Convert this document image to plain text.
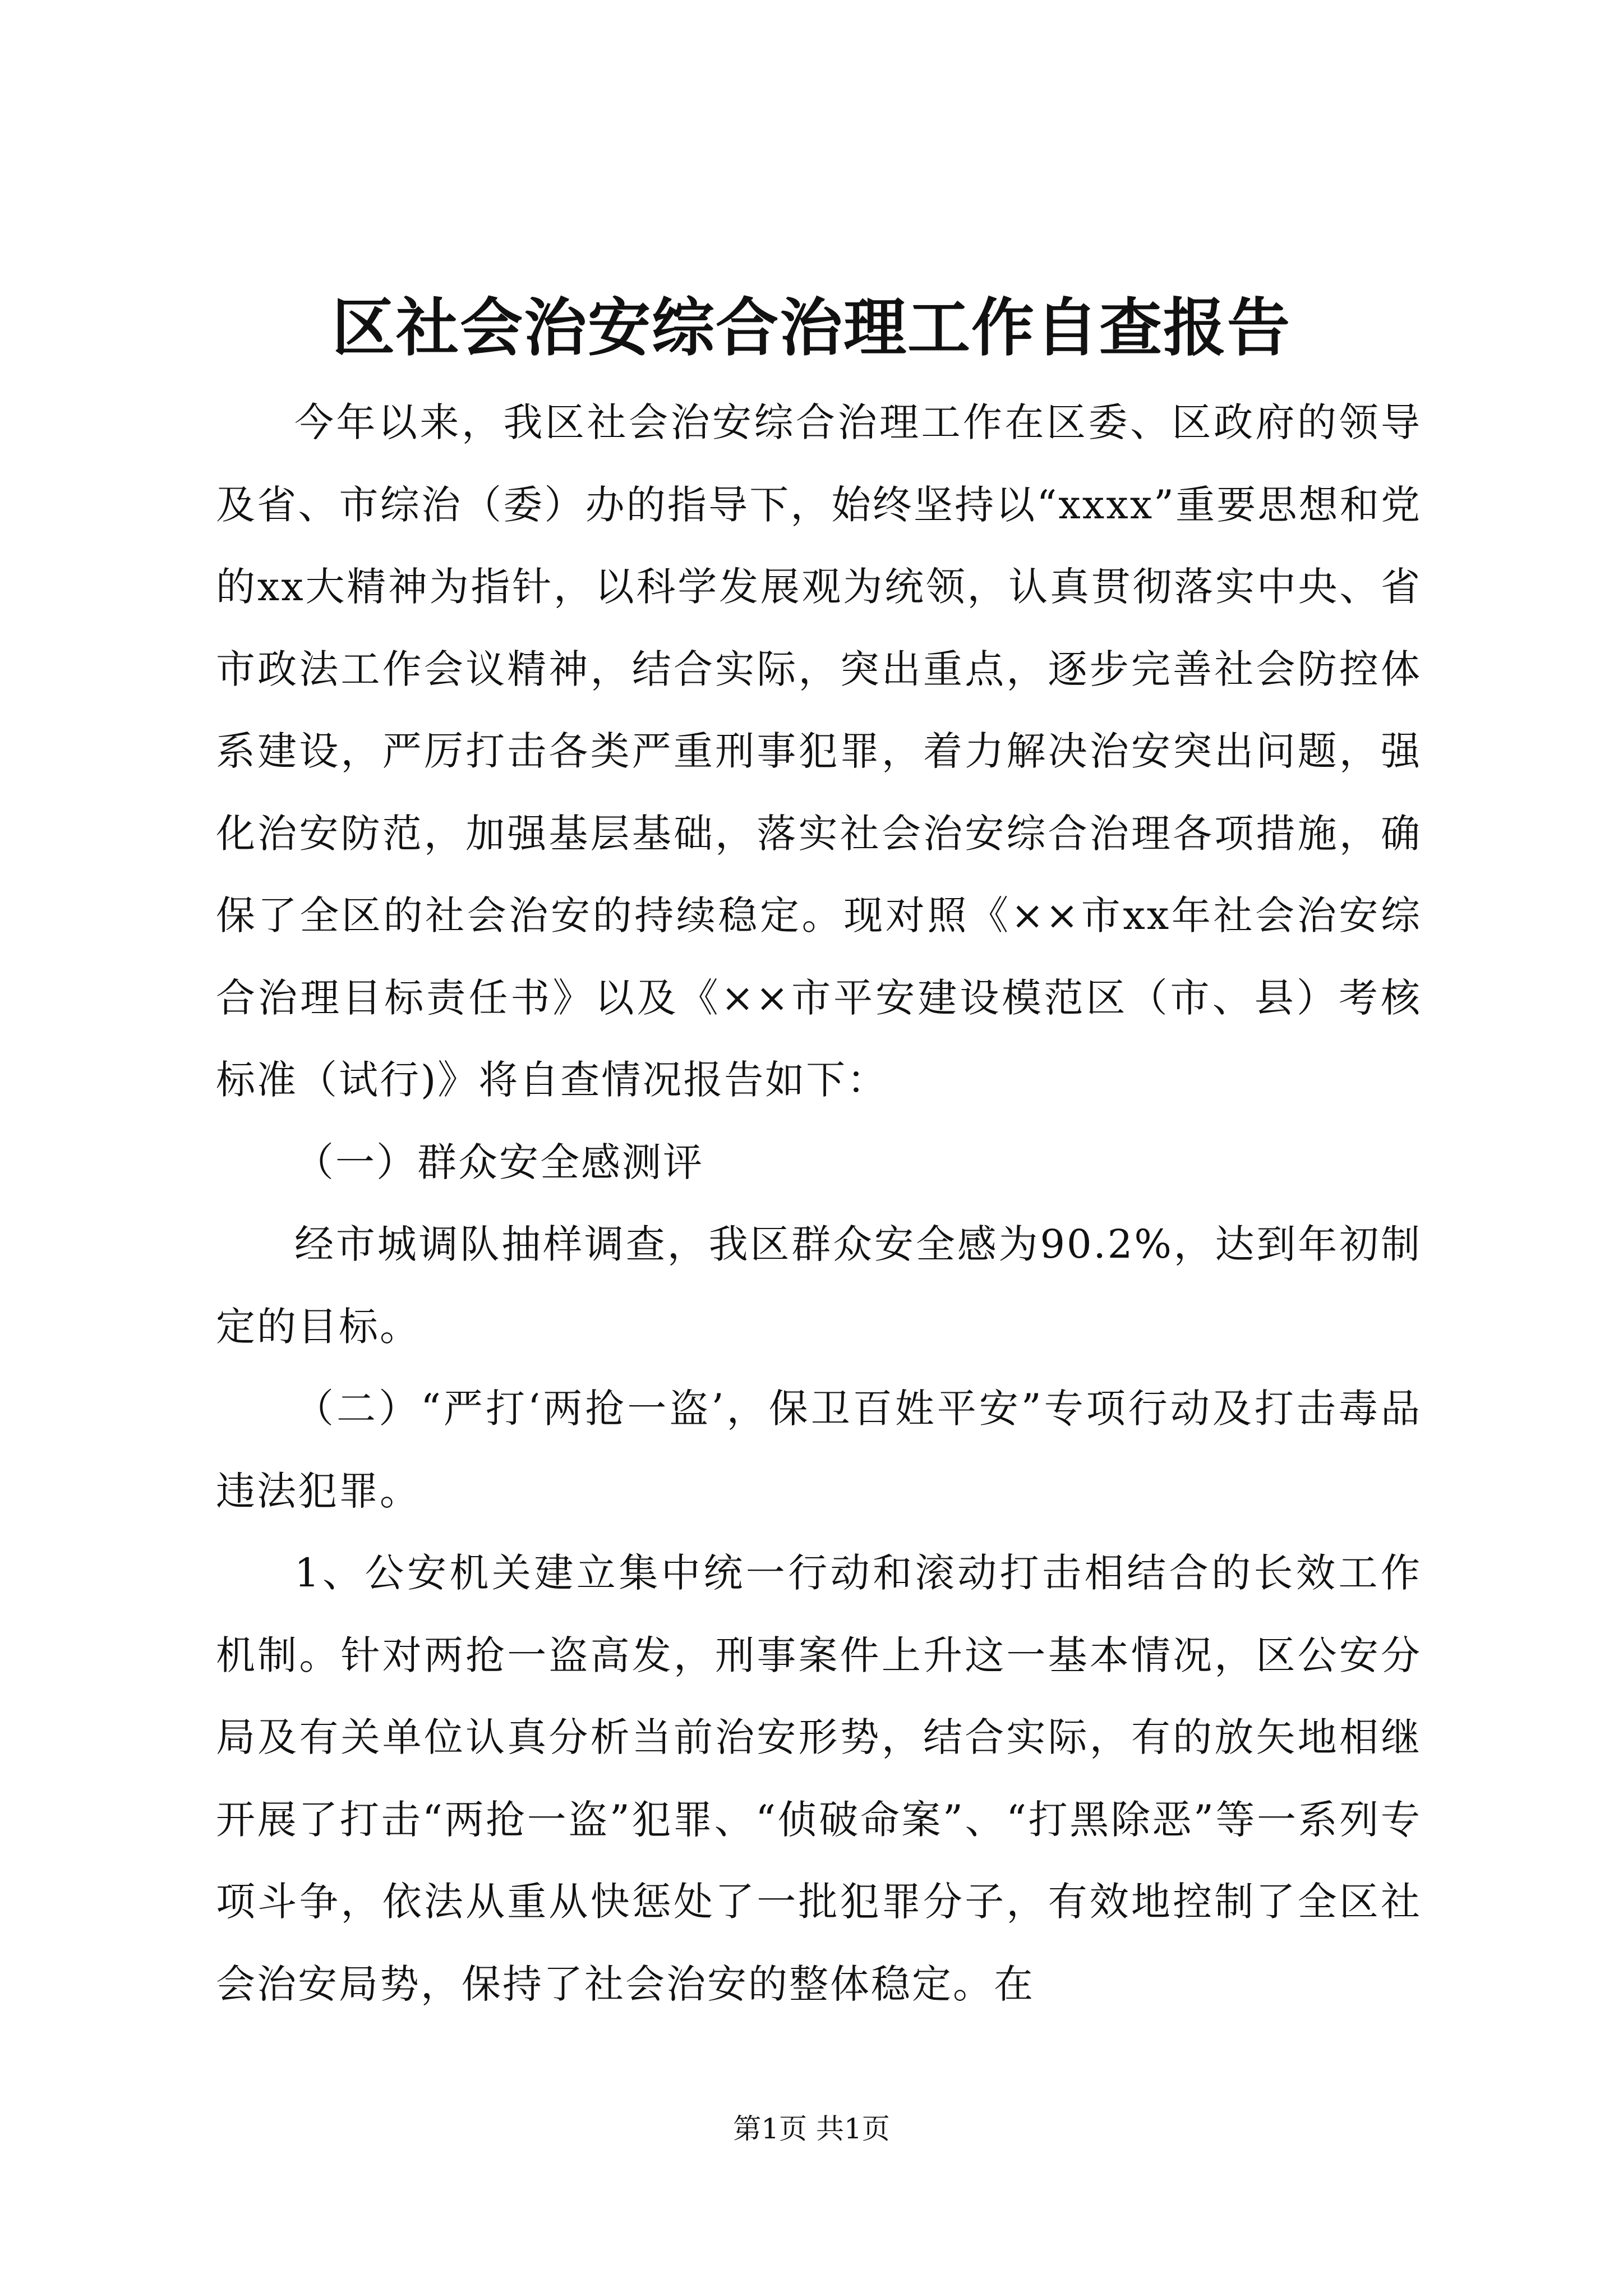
区社会治安综合治理工作自查报告

今年以来，我区社会治安综合治理工作在区委、区政府的领导及省、市综治（委）办的指导下，始终坚持以“xxxx”重要思想和党的xx大精神为指针，以科学发展观为统领，认真贯彻落实中央、省市政法工作会议精神，结合实际，突出重点，逐步完善社会防控体系建设，严厉打击各类严重刑事犯罪，着力解决治安突出问题，强化治安防范，加强基层基础，落实社会治安综合治理各项措施，确保了全区的社会治安的持续稳定。现对照《××市xx年社会治安综合治理目标责任书》以及《××市平安建设模范区（市、县）考核标准（试行)》将自查情况报告如下：

（一）群众安全感测评

经市城调队抽样调查，我区群众安全感为90.2%，达到年初制定的目标。

（二）“严打‘两抢一盗’，保卫百姓平安”专项行动及打击毒品违法犯罪。

1、公安机关建立集中统一行动和滚动打击相结合的长效工作机制。针对两抢一盗高发，刑事案件上升这一基本情况，区公安分局及有关单位认真分析当前治安形势，结合实际，有的放矢地相继开展了打击“两抢一盗”犯罪、“侦破命案”、“打黑除恶”等一系列专项斗争，依法从重从快惩处了一批犯罪分子，有效地控制了全区社会治安局势，保持了社会治安的整体稳定。在

第1页 共1页
